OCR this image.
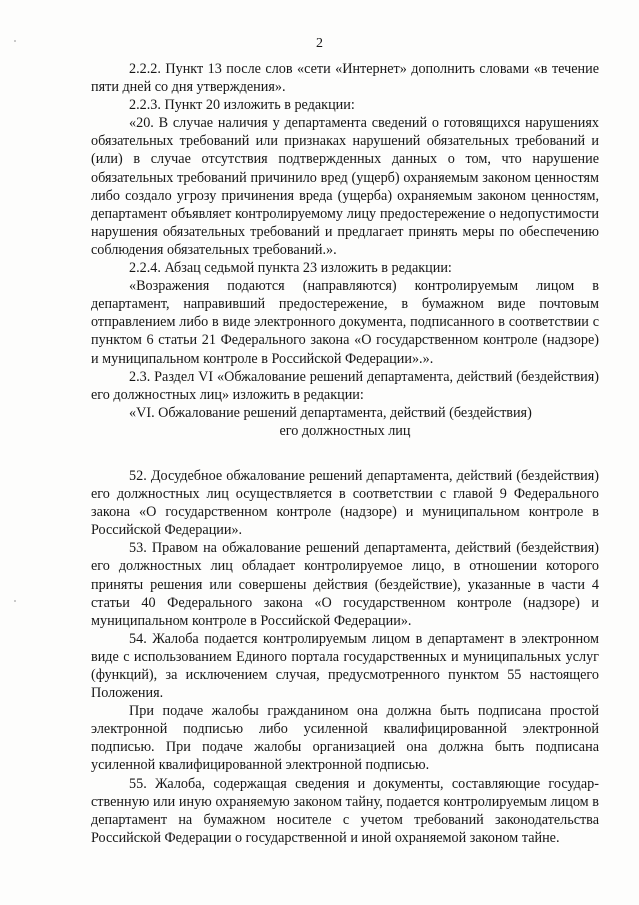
2

2.2.2. Пункт 13 после слов «сети «Интернет» дополнить словами «в течение пяти дней со дня утверждения».

2.2.3. Пункт 20 изложить в редакции:

«20. В случае наличия у департамента сведений о готовящихся нарушениях обязательных требований или признаках нарушений обязательных требований и (или) в случае отсутствия подтвержденных данных о том, что нарушение обязательных требований причинило вред (ущерб) охраняемым законом ценностям либо создало угрозу причинения вреда (ущерба) охраняемым законом ценностям, департамент объявляет контролируемому лицу предостережение о недопустимости нарушения обязательных требований и предлагает принять меры по обеспечению соблюдения обязательных требований.».

2.2.4. Абзац седьмой пункта 23 изложить в редакции:

«Возражения подаются (направляются) контролируемым лицом в департамент, направивший предостережение, в бумажном виде почтовым отправлением либо в виде электронного документа, подписанного в соответствии с пунктом 6 статьи 21 Федерального закона «О государственном контроле (надзоре) и муниципальном контроле в Российской Федерации».».

2.3. Раздел VI «Обжалование решений департамента, действий (бездействия) его должностных лиц» изложить в редакции:

«VI. Обжалование решений департамента, действий (бездействия)
его должностных лиц

52. Досудебное обжалование решений департамента, действий (бездействия) его должностных лиц осуществляется в соответствии с главой 9 Федерального закона «О государственном контроле (надзоре) и муниципальном контроле в Российской Федерации».

53. Правом на обжалование решений департамента, действий (бездействия) его должностных лиц обладает контролируемое лицо, в отношении которого приняты решения или совершены действия (бездействие), указанные в части 4 статьи 40 Федерального закона «О государственном контроле (надзоре) и муниципальном контроле в Российской Федерации».

54. Жалоба подается контролируемым лицом в департамент в электронном виде с использованием Единого портала государственных и муниципальных услуг (функций), за исключением случая, предусмотренного пунктом 55 настоящего Положения.

При подаче жалобы гражданином она должна быть подписана простой электронной подписью либо усиленной квалифицированной электронной подписью. При подаче жалобы организацией она должна быть подписана усиленной квалифицированной электронной подписью.

55. Жалоба, содержащая сведения и документы, составляющие государственную или иную охраняемую законом тайну, подается контролируемым лицом в департамент на бумажном носителе с учетом требований законодательства Российской Федерации о государственной и иной охраняемой законом тайне.
